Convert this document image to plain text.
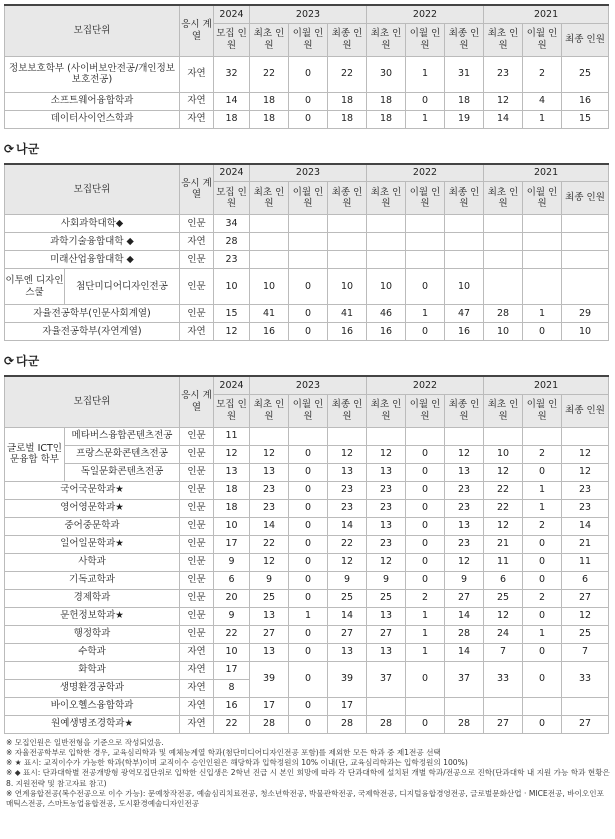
모집단위	응시 계열	2024	2023			2022			2021		
		모집 인원	최초 인원	이월 인원	최종 인원	최초 인원	이월 인원	최종 인원	최초 인원	이월 인원	최종 인원
정보보호학부 (사이버보안전공/개인정보보호전공)	자연	32	22	0	22	30	1	31	23	2	25
소프트웨어융합학과	자연	14	18	0	18	18	0	18	12	4	16
데이터사이언스학과	자연	18	18	0	18	18	1	19	14	1	15
⟳ 나군
모집단위		응시 계열	2024	2023			2022			2021		
			모집 인원	최초 인원	이월 인원	최종 인원	최초 인원	이월 인원	최종 인원	최초 인원	이월 인원	최종 인원
사회과학대학◆		인문	34									
과학기술융합대학 ◆		자연	28									
미래산업융합대학 ◆		인문	23									
이투엔 디자인스쿨	첨단미디어디자인전공	인문	10	10	0	10	10	0	10			
자율전공학부(인문사회계열)		인문	15	41	0	41	46	1	47	28	1	29
자율전공학부(자연계열)		자연	12	16	0	16	16	0	16	10	0	10
⟳ 다군
모집단위		응시 계열	2024	2023			2022			2021		
			모집 인원	최초 인원	이월 인원	최종 인원	최초 인원	이월 인원	최종 인원	최초 인원	이월 인원	최종 인원
글로벌 ICT인문융합 학부	메타버스융합콘텐츠전공	인문	11									
	프랑스문화콘텐츠전공	인문	12	12	0	12	12	0	12	10	2	12
	독일문화콘텐츠전공	인문	13	13	0	13	13	0	13	12	0	12
국어국문학과★		인문	18	23	0	23	23	0	23	22	1	23
영어영문학과★		인문	18	23	0	23	23	0	23	22	1	23
중어중문학과		인문	10	14	0	14	13	0	13	12	2	14
일어일문학과★		인문	17	22	0	22	23	0	23	21	0	21
사학과		인문	9	12	0	12	12	0	12	11	0	11
기독교학과		인문	6	9	0	9	9	0	9	6	0	6
경제학과		인문	20	25	0	25	25	2	27	25	2	27
문헌정보학과★		인문	9	13	1	14	13	1	14	12	0	12
행정학과		인문	22	27	0	27	27	1	28	24	1	25
수학과		자연	10	13	0	13	13	1	14	7	0	7
화학과		자연	17	39	0	39	37	0	37	33	0	33
생명환경공학과		자연	8									
바이오헬스융합학과		자연	16	17	0	17						
원예생명조경학과★		자연	22	28	0	28	28	0	28	27	0	27

※ 모집인원은 일반전형을 기준으로 작성되었음.

※ 자율전공학부로 입학한 경우, 교육심리학과 및 예체능계열 학과(첨단미디어디자인전공 포함)를 제외한 모든 학과 중 제1전공 선택

※ ★ 표시: 교직이수가 가능한 학과(학부)이며 교직이수 승인인원은 해당학과 입학정원의 10% 이내(단, 교육심리학과는 입학정원의 100%)

※ ◆ 표시: 단과대학별 전공개방형 광역모집단위로 입학한 신입생은 2학년 진급 시 본인 희망에 따라 각 단과대학에 설치된 개별 학과/전공으로 진학(단과대학 내 지원 가능 학과 현황은 8. 지원전략 및 참고자료 참고)

※ 연계융합전공(복수전공으로 이수 가능): 문예창작전공, 예술심리치료전공, 청소년학전공, 박물관학전공, 국제학전공, 디지털융합경영전공, 글로벌문화산업 · MICE전공, 바이오인포매틱스전공, 스마트농업융합전공, 도시환경예술디자인전공
